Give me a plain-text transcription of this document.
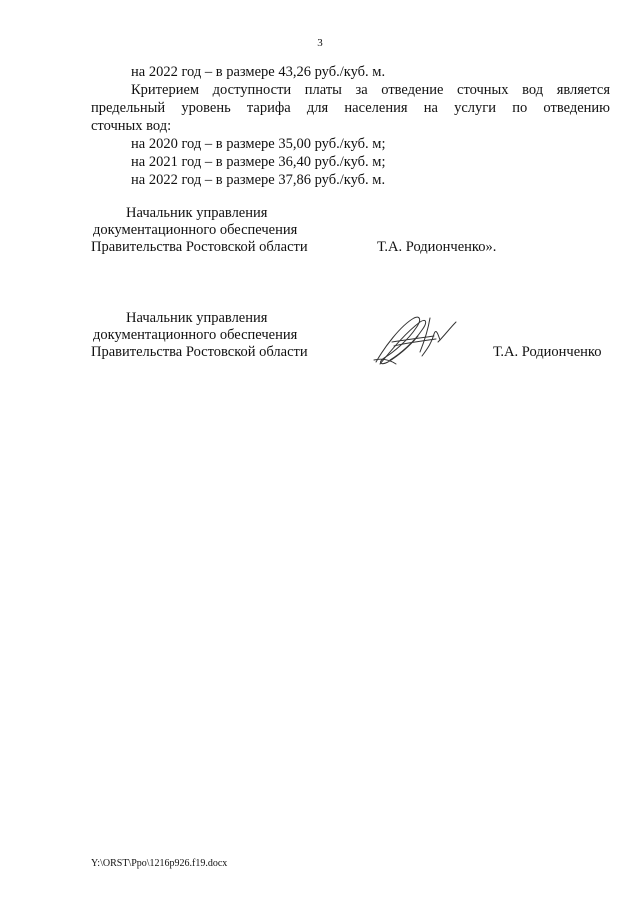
3
на 2022 год – в размере 43,26 руб./куб. м.
Критерием доступности платы за отведение сточных вод является
предельный уровень тарифа для населения на услуги по отведению
сточных вод:
на 2020 год – в размере 35,00 руб./куб. м;
на 2021 год – в размере 36,40 руб./куб. м;
на 2022 год – в размере 37,86 руб./куб. м.
Начальник управления
документационного обеспечения
Правительства Ростовской области	Т.А. Родионченко».
Начальник управления
документационного обеспечения
Правительства Ростовской области	Т.А. Родионченко
Y:\ORST\Ppo\1216p926.f19.docx
